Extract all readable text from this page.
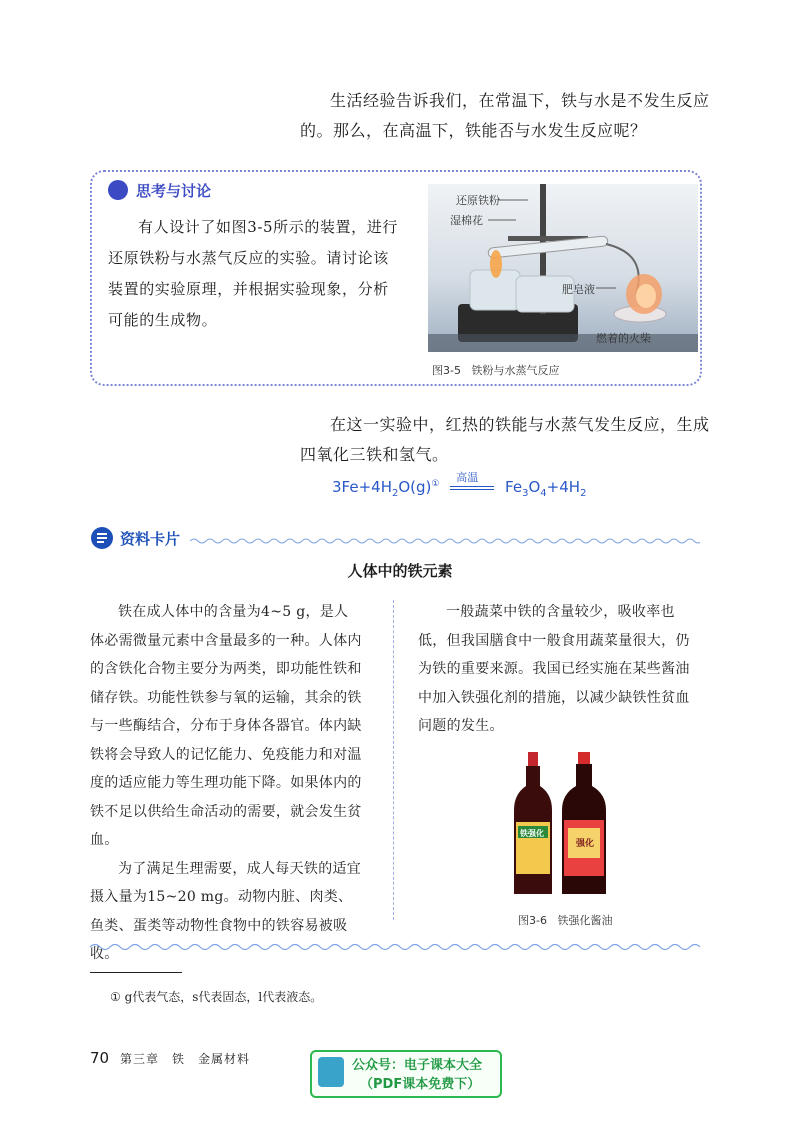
生活经验告诉我们，在常温下，铁与水是不发生反应
的。那么，在高温下，铁能否与水发生反应呢？
思考与讨论
有人设计了如图3-5所示的装置，进行还原铁粉与水蒸气反应的实验。请讨论该装置的实验原理，并根据实验现象，分析可能的生成物。
还原铁粉
湿棉花
肥皂液
燃着的火柴
图3-5 铁粉与水蒸气反应
在这一实验中，红热的铁能与水蒸气发生反应，生成
四氧化三铁和氢气。
$3Fe+4H_2O(g)^①$
高温
$Fe_3O_4+4H_2$
资料卡片
人体中的铁元素

铁在成人体中的含量为4~5 g，是人体必需微量元素中含量最多的一种。人体内的含铁化合物主要分为两类，即功能性铁和储存铁。功能性铁参与氧的运输，其余的铁与一些酶结合，分布于身体各器官。体内缺铁将会导致人的记忆能力、免疫能力和对温度的适应能力等生理功能下降。如果体内的铁不足以供给生命活动的需要，就会发生贫血。

为了满足生理需要，成人每天铁的适宜摄入量为15~20 mg。动物内脏、肉类、鱼类、蛋类等动物性食物中的铁容易被吸收。

一般蔬菜中铁的含量较少，吸收率也低，但我国膳食中一般食用蔬菜量很大，仍为铁的重要来源。我国已经实施在某些酱油中加入铁强化剂的措施，以减少缺铁性贫血问题的发生。

铁强化
强化
图3-6 铁强化酱油
① g代表气态，s代表固态，l代表液态。
70 第三章　铁　金属材料	公众号：电子课本大全
（PDF课本免费下）
